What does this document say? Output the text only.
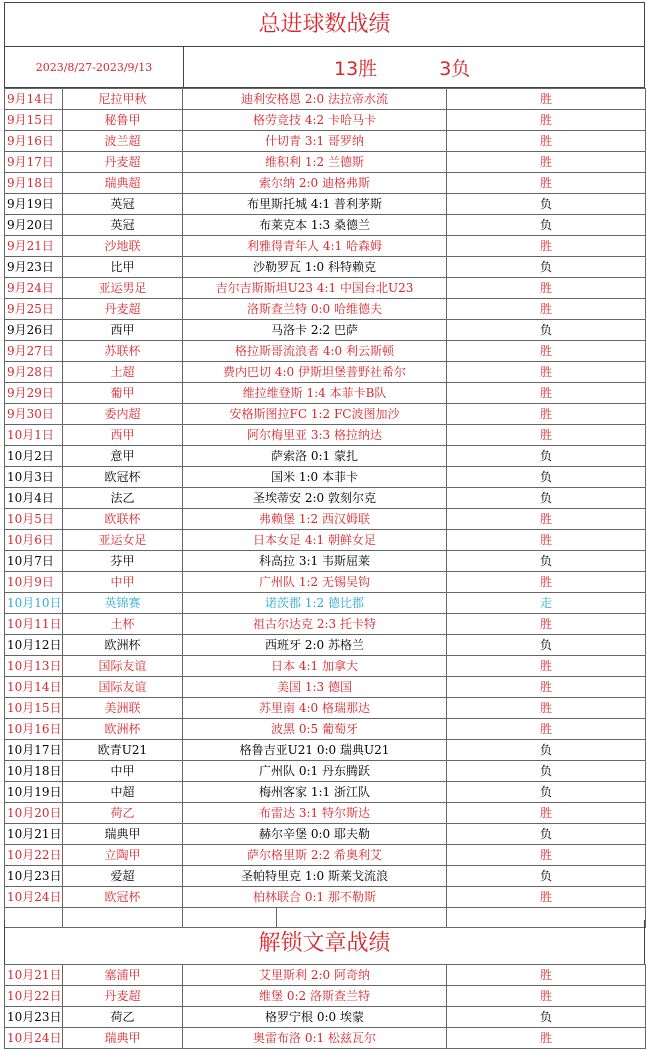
总进球数战绩
2023/8/27-2023/9/13	13胜	3负
9月14日	尼拉甲秋	迪利安格恩 2:0 法拉帝水流		胜
9月15日	秘鲁甲	格劳竞技 4:2 卡哈马卡		胜
9月16日	波兰超	什切青 3:1 哥罗纳		胜
9月17日	丹麦超	维积利 1:2 兰德斯		胜
9月18日	瑞典超	索尔纳 2:0 迪格弗斯		胜
9月19日	英冠	布里斯托城 4:1 普利茅斯		负
9月20日	英冠	布莱克本 1:3 桑德兰		负
9月21日	沙地联	利雅得青年人 4:1 哈森姆		胜
9月23日	比甲	沙勒罗瓦 1:0 科特赖克		负
9月24日	亚运男足	吉尔吉斯斯坦U23 4:1 中国台北U23		胜
9月25日	丹麦超	洛斯查兰特 0:0 哈维德夫		胜
9月26日	西甲	马洛卡 2:2 巴萨		负
9月27日	苏联杯	格拉斯哥流浪者 4:0 利云斯顿		胜
9月28日	土超	费内巴切 4:0 伊斯坦堡普野社希尔		胜
9月29日	葡甲	维拉维登斯 1:4 本菲卡B队		胜
9月30日	委内超	安格斯图拉FC 1:2 FC波图加沙		胜
10月1日	西甲	阿尔梅里亚 3:3 格拉纳达		胜
10月2日	意甲	萨索洛 0:1 蒙扎		负
10月3日	欧冠杯	国米 1:0 本菲卡		负
10月4日	法乙	圣埃蒂安 2:0 敦刻尔克		负
10月5日	欧联杯	弗赖堡 1:2 西汉姆联		胜
10月6日	亚运女足	日本女足 4:1 朝鲜女足		胜
10月7日	芬甲	科高拉 3:1 韦斯屈莱		负
10月9日	中甲	广州队 1:2 无锡吴钩		胜
10月10日	英锦赛	诺茨郡 1:2 德比郡		走
10月11日	土杯	祖古尔达克 2:3 托卡特		胜
10月12日	欧洲杯	西班牙 2:0 苏格兰		负
10月13日	国际友谊	日本 4:1 加拿大		胜
10月14日	国际友谊	美国 1:3 德国		胜
10月15日	美洲联	苏里南 4:0 格瑞那达		胜
10月16日	欧洲杯	波黑 0:5 葡萄牙		胜
10月17日	欧青U21	格鲁吉亚U21 0:0 瑞典U21		负
10月18日	中甲	广州队 0:1 丹东腾跃		负
10月19日	中超	梅州客家 1:1 浙江队		负
10月20日	荷乙	布雷达 3:1 特尔斯达		胜
10月21日	瑞典甲	赫尔辛堡 0:0 耶夫勒		负
10月22日	立陶甲	萨尔格里斯 2:2 希奥利艾		胜
10月23日	爱超	圣帕特里克 1:0 斯莱戈流浪		负
10月24日	欧冠杯	柏林联合 0:1 那不勒斯		胜

解锁文章战绩
10月21日	塞浦甲	艾里斯利 2:0 阿奇纳	胜
10月22日	丹麦超	维堡 0:2 洛斯查兰特	胜
10月23日	荷乙	格罗宁根 0:0 埃蒙	负
10月24日	瑞典甲	奥雷布洛 0:1 松兹瓦尔	胜
